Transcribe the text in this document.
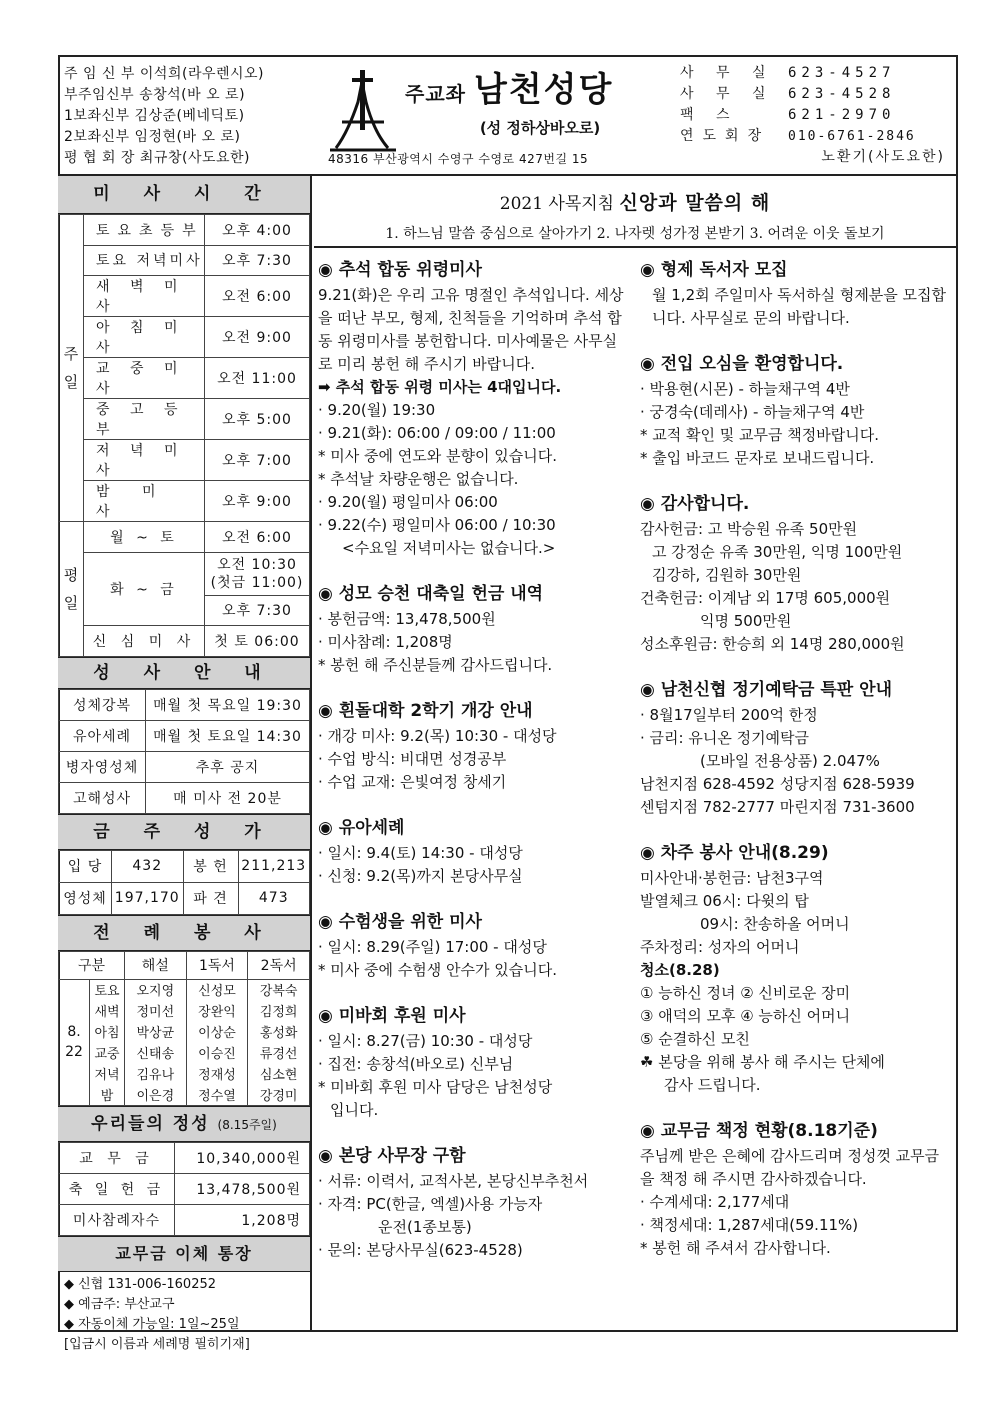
주 임 신 부 이석희(라우렌시오)
부주임신부 송창석(바 오 로)
1보좌신부 김상준(베네딕토)
2보좌신부 임정현(바 오 로)
평 협 회 장 최규창(사도요한)
주교좌 남천성당
(성 정하상바오로)
48316 부산광역시 수영구 수영로 427번길 15
사 무 실 623-4527
사 무 실 623-4528
팩 스	621-2970
연도회장	010-6761-2846
노환기(사도요한)
미 사 시 간
주
일	토요초등부	오후 4:00
	토요 저녁미사	오후 7:30
	새 벽 미 사	오전 6:00
	아 침 미 사	오전 9:00
	교 중 미 사	오전 11:00
	중 고 등 부	오후 5:00
	저 녁 미 사	오후 7:00
	밤 미 사	오후 9:00
평
일	월 ~ 토	오전 6:00
	화 ~ 금	오전 10:30
(첫금 11:00)

		오후 7:30
	신 심 미 사	첫 토 06:00
성 사 안 내
성체강복	매월 첫 목요일 19:30
유아세례	매월 첫 토요일 14:30
병자영성체	추후 공지
고해성사	매 미사 전 20분
금 주 성 가
입 당	432	봉 헌	211,213
영성체	197,170	파 견	473
전 례 봉 사
구분		해설	1독서	2독서
8.
22	토요	오지영	신성모	강복숙
	새벽	정미선	장완익	김정희
	아침	박상균	이상순	홍성화
	교중	신태송	이승진	류경선
	저녁	김유나	정재성	심소현
	밤	이은경	정수열	강경미
우리들의 정성 (8.15주일)
교 무 금	10,340,000원
축 일 헌 금	13,478,500원
미사참례자수	1,208명
교무금 이체 통장
◆ 신협 131-006-160252
◆ 예금주: 부산교구
◆ 자동이체 가능일: 1일~25일
[입금시 이름과 세례명 필히기재]
2021 사목지침 신앙과 말씀의 해
1. 하느님 말씀 중심으로 살아가기 2. 나자렛 성가정 본받기 3. 어려운 이웃 돌보기
◉ 추석 합동 위령미사

9.21(화)은 우리 고유 명절인 추석입니다. 세상을 떠난 부모, 형제, 친척들을 기억하며 추석 합동 위령미사를 봉헌합니다. 미사예물은 사무실로 미리 봉헌 해 주시기 바랍니다.

➡ 추석 합동 위령 미사는 4대입니다.

· 9.20(월) 19:30

· 9.21(화): 06:00 / 09:00 / 11:00

* 미사 중에 연도와 분향이 있습니다.

* 추석날 차량운행은 없습니다.

· 9.20(월) 평일미사 06:00

· 9.22(수) 평일미사 06:00 / 10:30

<수요일 저녁미사는 없습니다.>

◉ 성모 승천 대축일 헌금 내역

· 봉헌금액: 13,478,500원

· 미사참례: 1,208명

* 봉헌 해 주신분들께 감사드립니다.

◉ 흰돌대학 2학기 개강 안내

· 개강 미사: 9.2(목) 10:30 - 대성당

· 수업 방식: 비대면 성경공부

· 수업 교재: 은빛여정 창세기

◉ 유아세례

· 일시: 9.4(토) 14:30 - 대성당

· 신청: 9.2(목)까지 본당사무실

◉ 수험생을 위한 미사

· 일시: 8.29(주일) 17:00 - 대성당

* 미사 중에 수험생 안수가 있습니다.

◉ 미바회 후원 미사

· 일시: 8.27(금) 10:30 - 대성당

· 집전: 송창석(바오로) 신부님

* 미바회 후원 미사 담당은 남천성당

입니다.

◉ 본당 사무장 구함

· 서류: 이력서, 교적사본, 본당신부추천서

· 자격: PC(한글, 엑셀)사용 가능자

운전(1종보통)

· 문의: 본당사무실(623-4528)

◉ 형제 독서자 모집

월 1,2회 주일미사 독서하실 형제분을 모집합니다. 사무실로 문의 바랍니다.

◉ 전입 오심을 환영합니다.

· 박용현(시몬) - 하늘채구역 4반

· 궁경숙(데레사) - 하늘채구역 4반

* 교적 확인 및 교무금 책정바랍니다.

* 출입 바코드 문자로 보내드립니다.

◉ 감사합니다.

감사헌금: 고 박승원 유족 50만원

고 강정순 유족 30만원, 익명 100만원

김강하, 김원하 30만원

건축헌금: 이계남 외 17명 605,000원

익명 500만원

성소후원금: 한승희 외 14명 280,000원

◉ 남천신협 정기예탁금 특판 안내

· 8월17일부터 200억 한정

· 금리: 유니온 정기예탁금

(모바일 전용상품) 2.047%

남천지점 628-4592 성당지점 628-5939

센텀지점 782-2777 마린지점 731-3600

◉ 차주 봉사 안내(8.29)

미사안내·봉헌금: 남천3구역

발열체크 06시: 다윗의 탑

09시: 찬송하올 어머니

주차정리: 성자의 어머니

청소(8.28)

① 능하신 정녀 ② 신비로운 장미

③ 애덕의 모후 ④ 능하신 어머니

⑤ 순결하신 모친

☘ 본당을 위해 봉사 해 주시는 단체에

감사 드립니다.

◉ 교무금 책정 현황(8.18기준)

주님께 받은 은혜에 감사드리며 정성껏 교무금을 책정 해 주시면 감사하겠습니다.

· 수계세대: 2,177세대

· 책정세대: 1,287세대(59.11%)

* 봉헌 해 주셔서 감사합니다.
